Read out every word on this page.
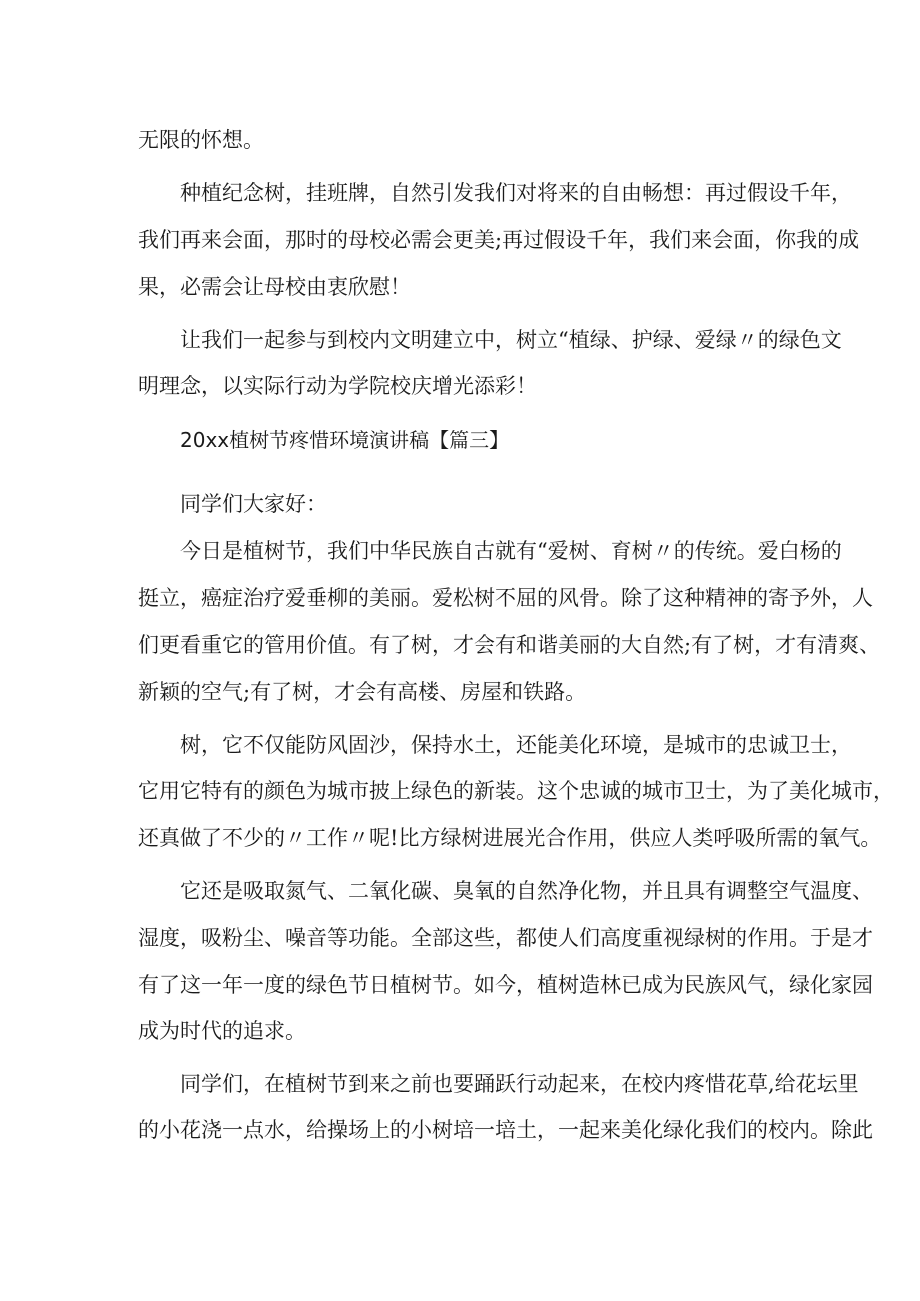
无限的怀想。

种植纪念树，挂班牌，自然引发我们对将来的自由畅想：再过假设千年，

我们再来会面，那时的母校必需会更美;再过假设千年，我们来会面，你我的成

果，必需会让母校由衷欣慰！

让我们一起参与到校内文明建立中，树立“植绿、护绿、爱绿〃的绿色文

明理念，以实际行动为学院校庆增光添彩！

20xx植树节疼惜环境演讲稿【篇三】

同学们大家好：

今日是植树节，我们中华民族自古就有“爱树、育树〃的传统。爱白杨的

挺立，癌症治疗爱垂柳的美丽。爱松树不屈的风骨。除了这种精神的寄予外，人

们更看重它的管用价值。有了树，才会有和谐美丽的大自然;有了树，才有清爽、

新颖的空气;有了树，才会有高楼、房屋和铁路。

树，它不仅能防风固沙，保持水土，还能美化环境，是城市的忠诚卫士，

它用它特有的颜色为城市披上绿色的新装。这个忠诚的城市卫士，为了美化城市，

还真做了不少的〃工作〃呢!比方绿树进展光合作用，供应人类呼吸所需的氧气。

它还是吸取氮气、二氧化碳、臭氧的自然净化物，并且具有调整空气温度、

湿度，吸粉尘、噪音等功能。全部这些，都使人们高度重视绿树的作用。于是才

有了这一年一度的绿色节日植树节。如今，植树造林已成为民族风气，绿化家园

成为时代的追求。

同学们，在植树节到来之前也要踊跃行动起来，在校内疼惜花草,给花坛里

的小花浇一点水，给操场上的小树培一培土，一起来美化绿化我们的校内。除此
